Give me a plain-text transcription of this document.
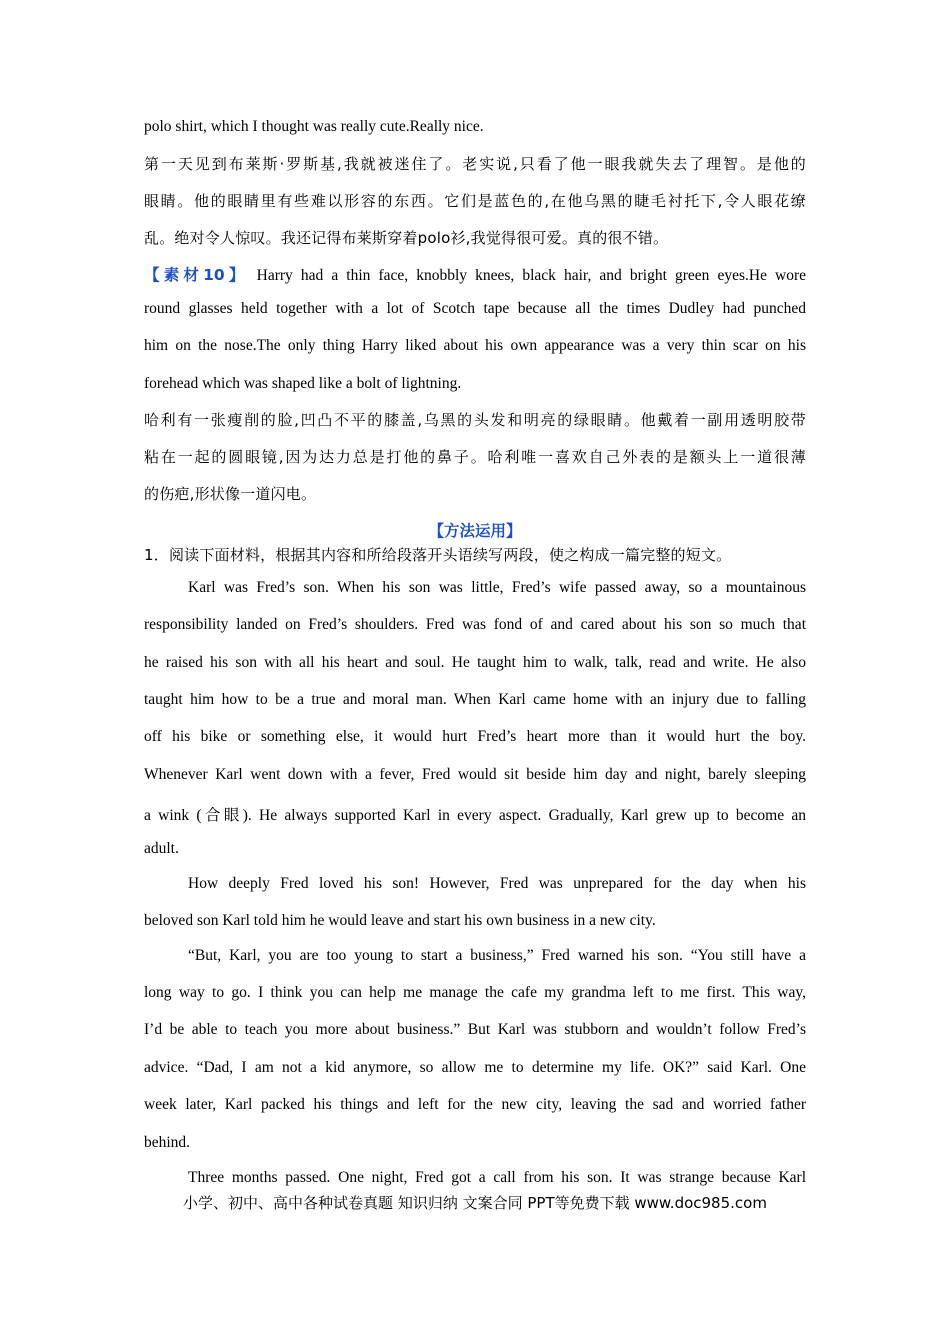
polo shirt, which I thought was really cute.Really nice.
第一天见到布莱斯·罗斯基,我就被迷住了。老实说,只看了他一眼我就失去了理智。是他的
眼睛。他的眼睛里有些难以形容的东西。它们是蓝色的,在他乌黑的睫毛衬托下,令人眼花缭
乱。绝对令人惊叹。我还记得布莱斯穿着polo衫,我觉得很可爱。真的很不错。
【素材10】 Harry had a thin face, knobbly knees, black hair, and bright green eyes.He wore
round glasses held together with a lot of Scotch tape because all the times Dudley had punched
him on the nose.The only thing Harry liked about his own appearance was a very thin scar on his
forehead which was shaped like a bolt of lightning.
哈利有一张瘦削的脸,凹凸不平的膝盖,乌黑的头发和明亮的绿眼睛。他戴着一副用透明胶带
粘在一起的圆眼镜,因为达力总是打他的鼻子。哈利唯一喜欢自己外表的是额头上一道很薄
的伤疤,形状像一道闪电。
【方法运用】
1．阅读下面材料，根据其内容和所给段落开头语续写两段，使之构成一篇完整的短文。
Karl was Fred’s son. When his son was little, Fred’s wife passed away, so a mountainous
responsibility landed on Fred’s shoulders. Fred was fond of and cared about his son so much that
he raised his son with all his heart and soul. He taught him to walk, talk, read and write. He also
taught him how to be a true and moral man. When Karl came home with an injury due to falling
off his bike or something else, it would hurt Fred’s heart more than it would hurt the boy.
Whenever Karl went down with a fever, Fred would sit beside him day and night, barely sleeping
a wink (合眼). He always supported Karl in every aspect. Gradually, Karl grew up to become an
adult.
How deeply Fred loved his son! However, Fred was unprepared for the day when his
beloved son Karl told him he would leave and start his own business in a new city.
“But, Karl, you are too young to start a business,” Fred warned his son. “You still have a
long way to go. I think you can help me manage the cafe my grandma left to me first. This way,
I’d be able to teach you more about business.” But Karl was stubborn and wouldn’t follow Fred’s
advice. “Dad, I am not a kid anymore, so allow me to determine my life. OK?” said Karl. One
week later, Karl packed his things and left for the new city, leaving the sad and worried father
behind.
Three months passed. One night, Fred got a call from his son. It was strange because Karl
小学、初中、高中各种试卷真题 知识归纳 文案合同 PPT等免费下载 www.doc985.com
